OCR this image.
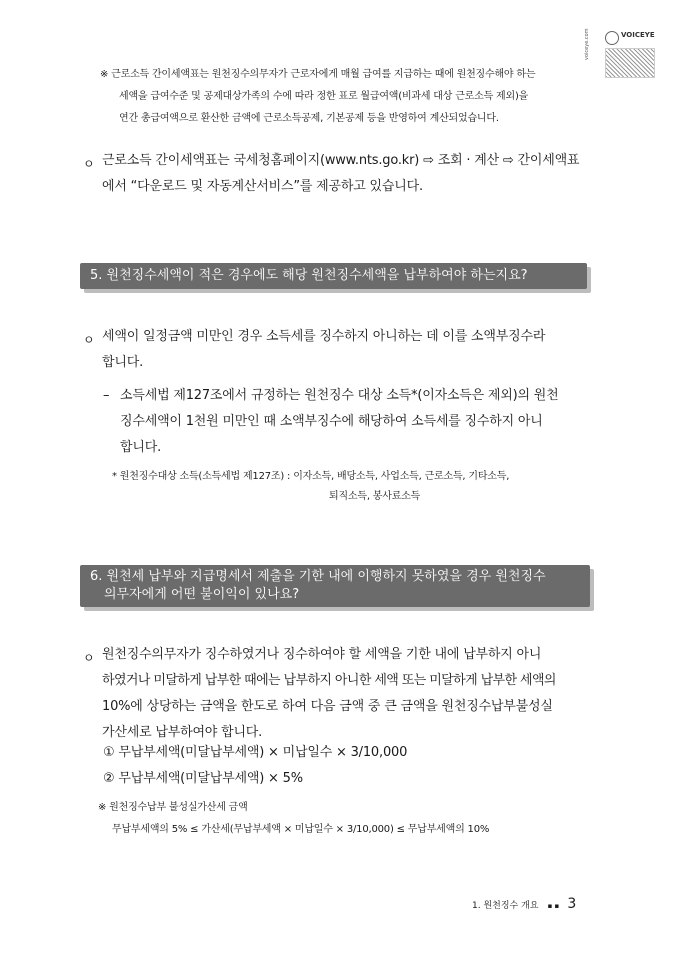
VOICEYE
voiceye.com
※ 근로소득 간이세액표는 원천징수의무자가 근로자에게 매월 급여를 지급하는 때에 원천징수해야 하는
세액을 급여수준 및 공제대상가족의 수에 따라 정한 표로 월급여액(비과세 대상 근로소득 제외)을
연간 총급여액으로 환산한 금액에 근로소득공제, 기본공제 등을 반영하여 계산되었습니다.
ㅇ 근로소득 간이세액표는 국세청홈페이지(www.nts.go.kr) ⇨ 조회 · 계산 ⇨ 간이세액표
에서 “다운로드 및 자동계산서비스”를 제공하고 있습니다.
5. 원천징수세액이 적은 경우에도 해당 원천징수세액을 납부하여야 하는지요?
ㅇ 세액이 일정금액 미만인 경우 소득세를 징수하지 아니하는 데 이를 소액부징수라
합니다.
– 소득세법 제127조에서 규정하는 원천징수 대상 소득*(이자소득은 제외)의 원천
징수세액이 1천원 미만인 때 소액부징수에 해당하여 소득세를 징수하지 아니
합니다.
* 원천징수대상 소득(소득세법 제127조) : 이자소득, 배당소득, 사업소득, 근로소득, 기타소득,
퇴직소득, 봉사료소득
6. 원천세 납부와 지급명세서 제출을 기한 내에 이행하지 못하였을 경우 원천징수
의무자에게 어떤 불이익이 있나요?
ㅇ 원천징수의무자가 징수하였거나 징수하여야 할 세액을 기한 내에 납부하지 아니
하였거나 미달하게 납부한 때에는 납부하지 아니한 세액 또는 미달하게 납부한 세액의
10%에 상당하는 금액을 한도로 하여 다음 금액 중 큰 금액을 원천징수납부불성실
가산세로 납부하여야 합니다.
① 무납부세액(미달납부세액) × 미납일수 × 3/10,000
② 무납부세액(미달납부세액) × 5%
※ 원천징수납부 불성실가산세 금액
무납부세액의 5% ≤ 가산세(무납부세액 × 미납일수 × 3/10,000) ≤ 무납부세액의 10%
1. 원천징수 개요 ▪ ▪ 3
